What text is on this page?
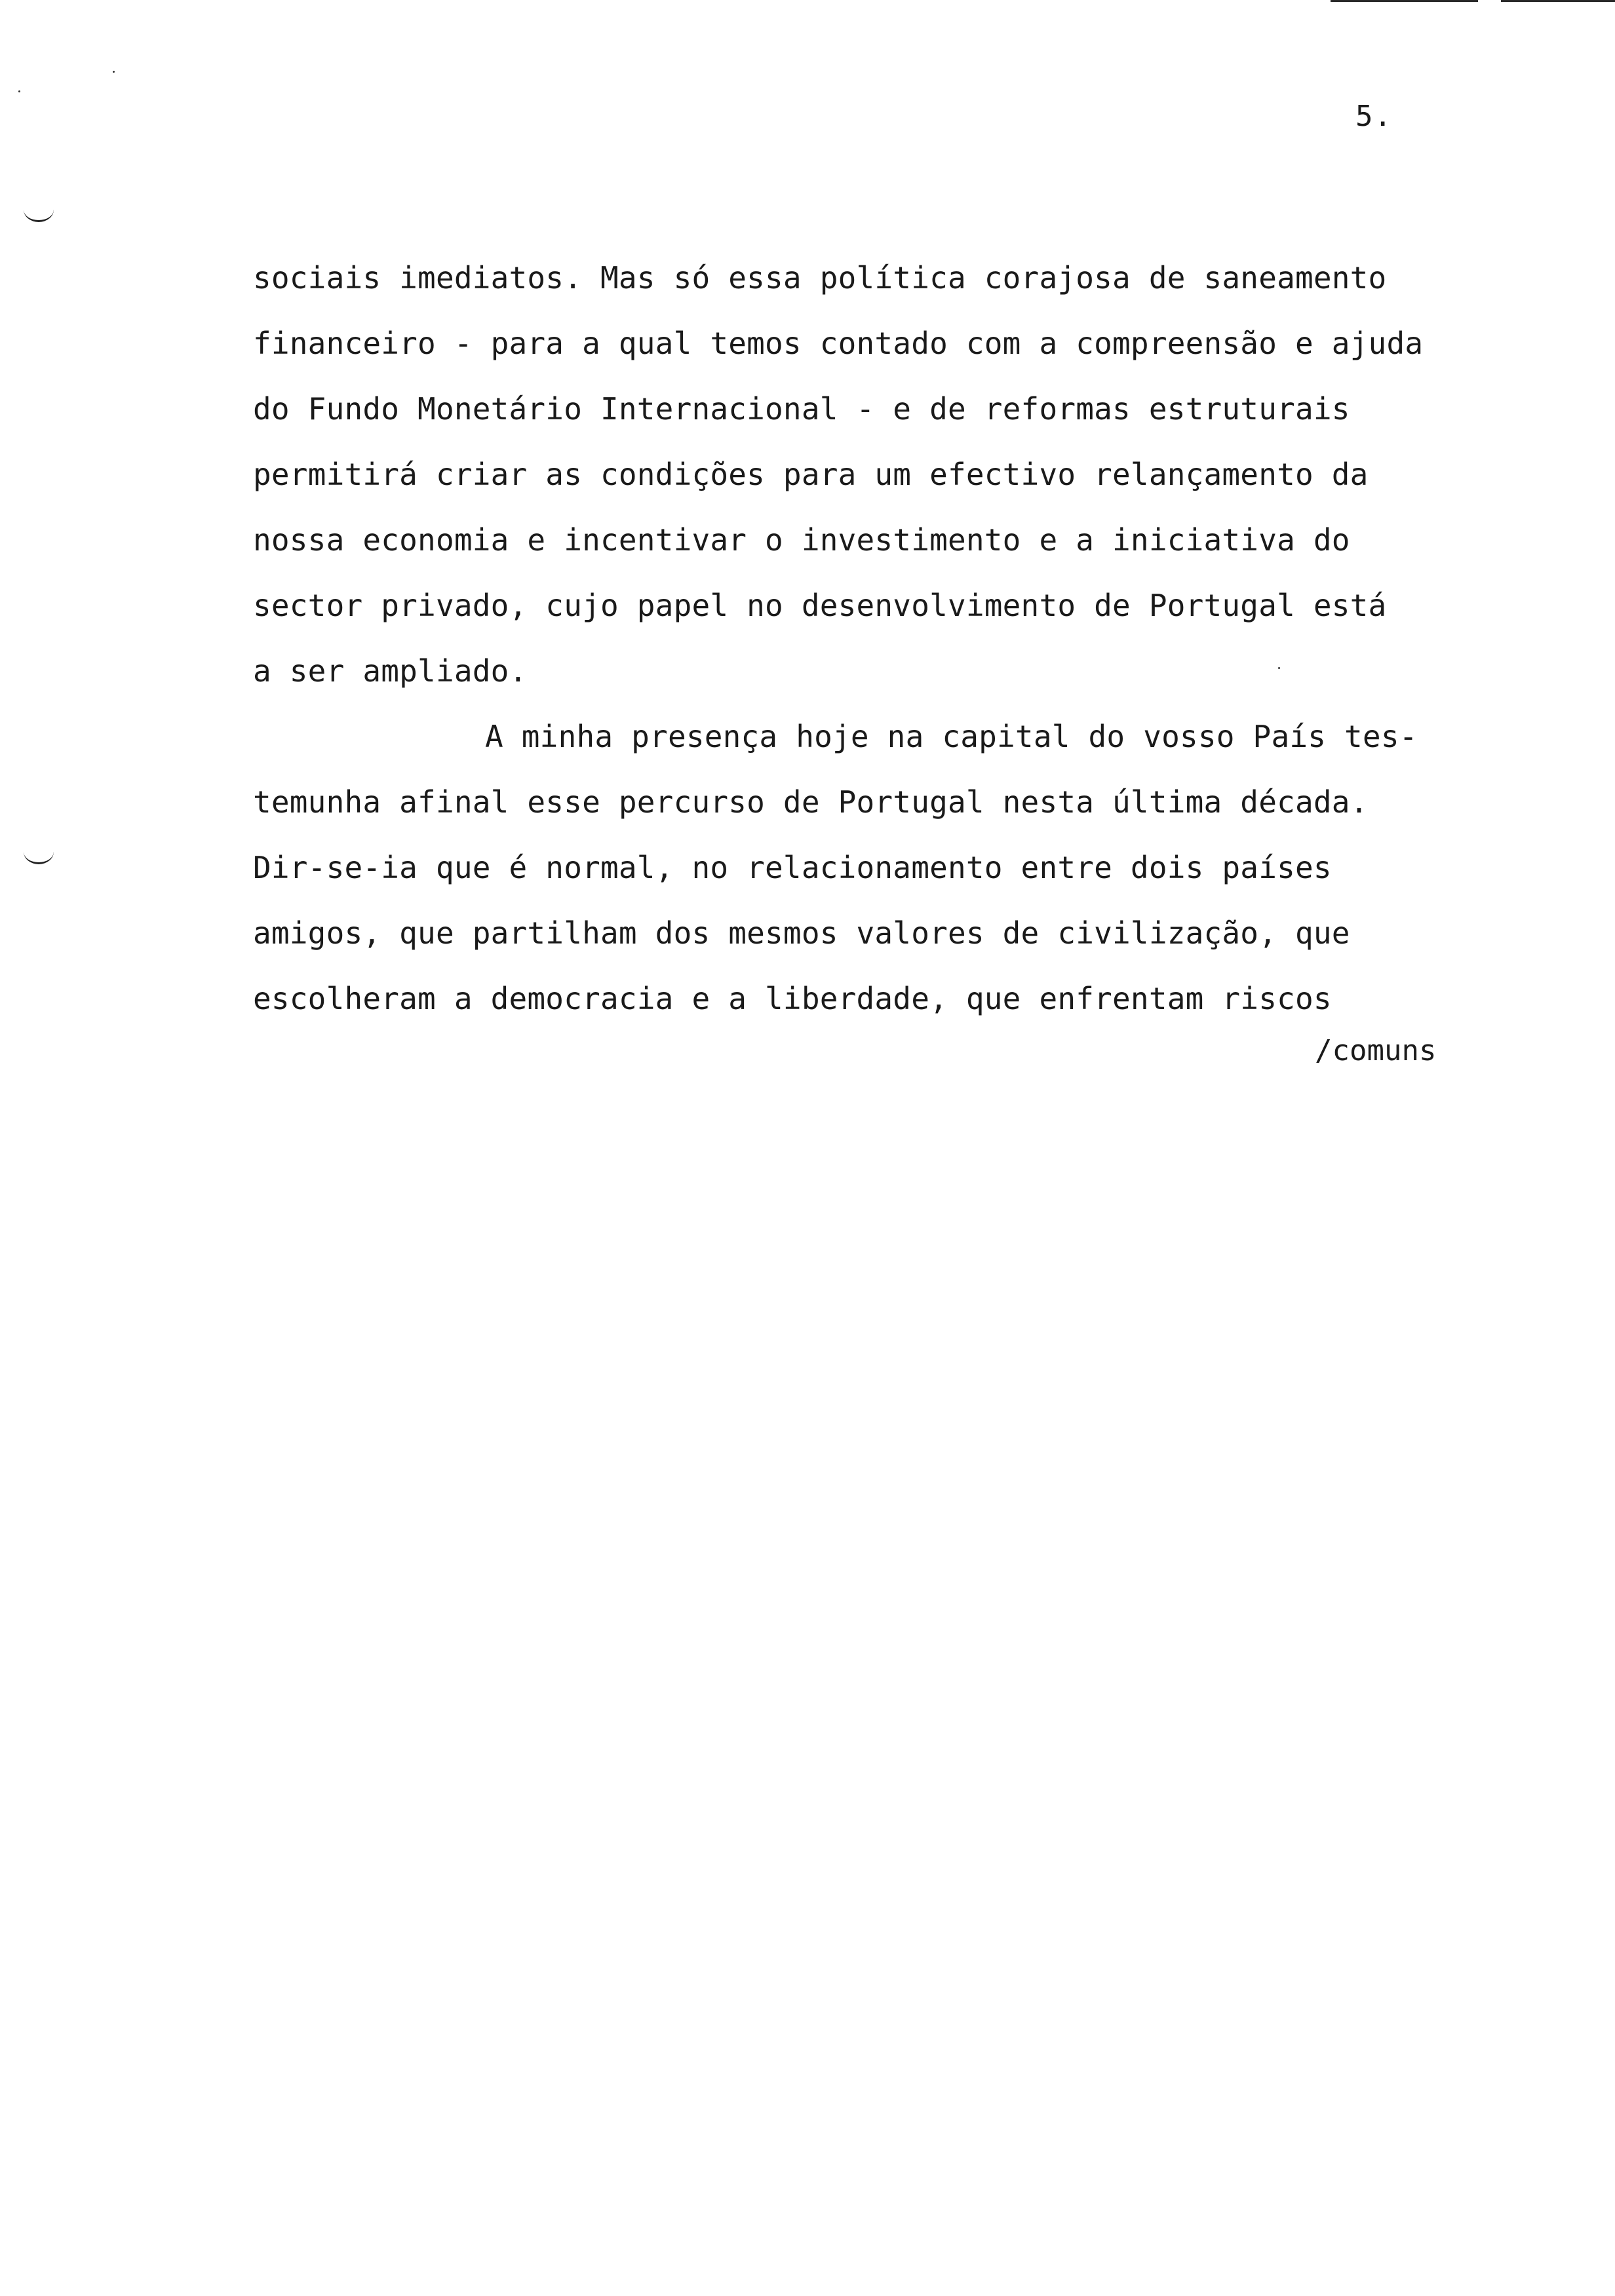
5.
sociais imediatos. Mas só essa política corajosa de saneamento
financeiro - para a qual temos contado com a compreensão e ajuda
do Fundo Monetário Internacional - e de reformas estruturais
permitirá criar as condições para um efectivo relançamento da
nossa economia e incentivar o investimento e a iniciativa do
sector privado, cujo papel no desenvolvimento de Portugal está
a ser ampliado.
A minha presença hoje na capital do vosso País tes-
temunha afinal esse percurso de Portugal nesta última década.
Dir-se-ia que é normal, no relacionamento entre dois países
amigos, que partilham dos mesmos valores de civilização, que
escolheram a democracia e a liberdade, que enfrentam riscos
/comuns
